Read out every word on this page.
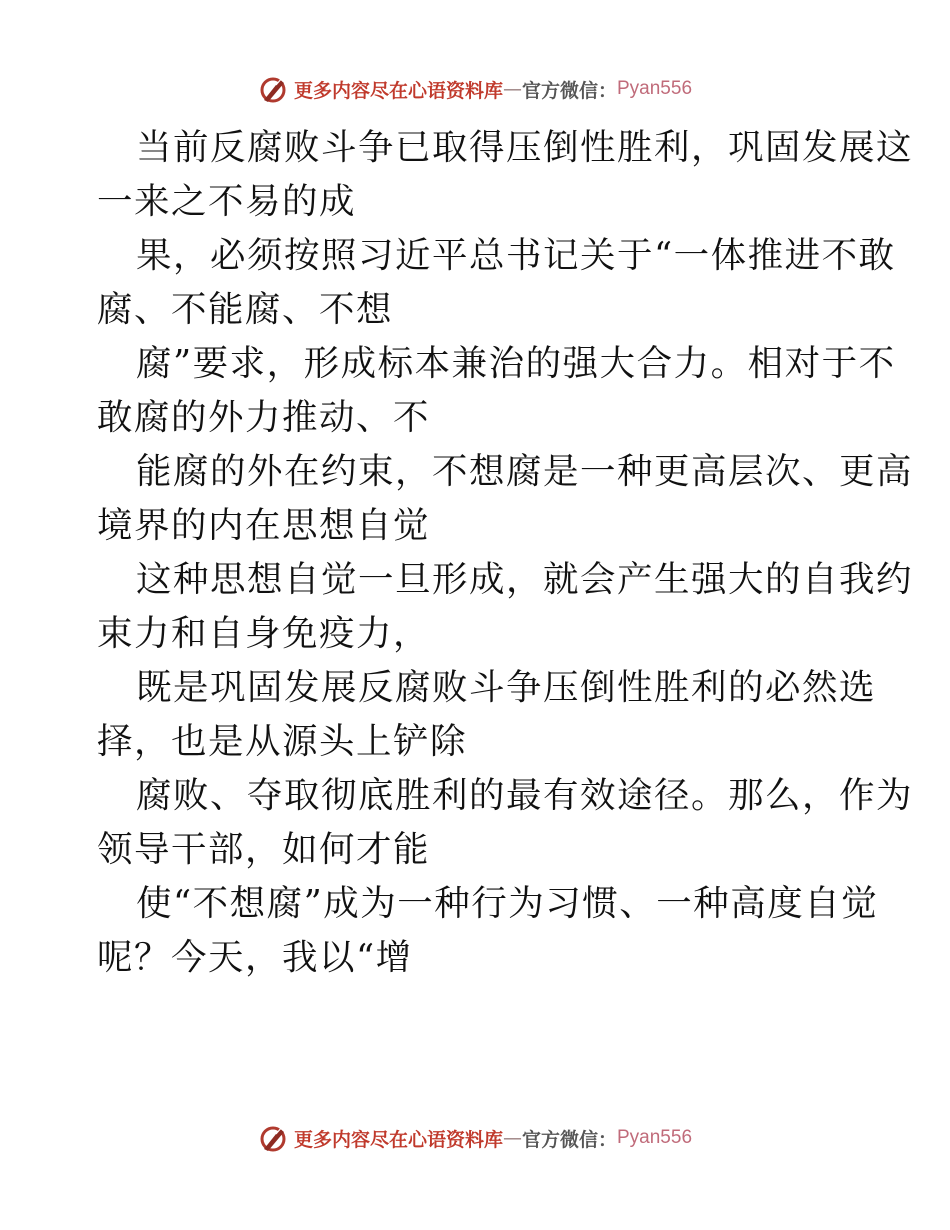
更多内容尽在心语资料库 — 官方微信： Pyan556
当前反腐败斗争已取得压倒性胜利，巩固发展这
一来之不易的成
果，必须按照习近平总书记关于“一体推进不敢
腐、不能腐、不想
腐”要求，形成标本兼治的强大合力。相对于不
敢腐的外力推动、不
能腐的外在约束，不想腐是一种更高层次、更高
境界的内在思想自觉
这种思想自觉一旦形成，就会产生强大的自我约
束力和自身免疫力，
既是巩固发展反腐败斗争压倒性胜利的必然选
择，也是从源头上铲除
腐败、夺取彻底胜利的最有效途径。那么，作为
领导干部，如何才能
使“不想腐”成为一种行为习惯、一种高度自觉
呢？今天，我以“增
更多内容尽在心语资料库 — 官方微信： Pyan556
